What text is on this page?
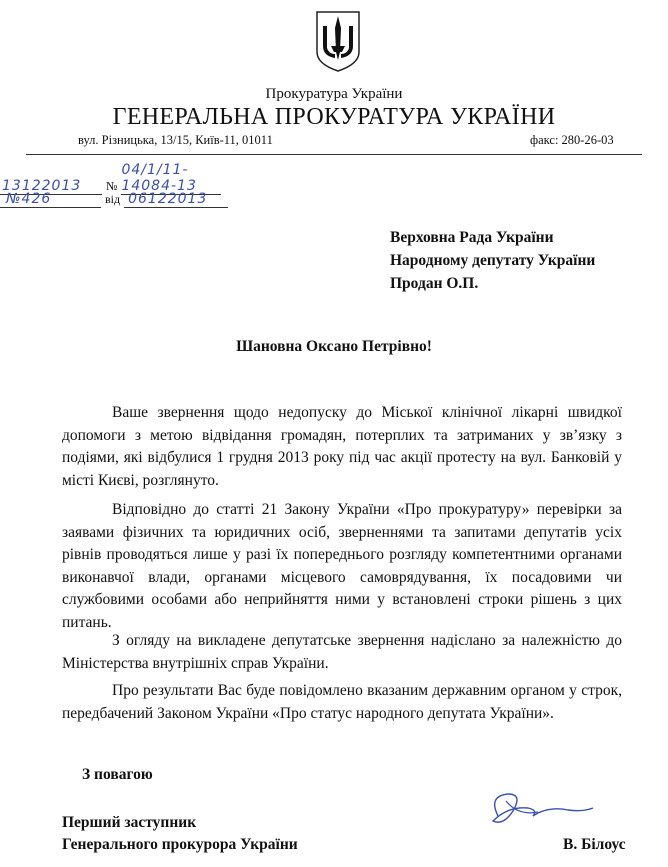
Прокуратура України
ГЕНЕРАЛЬНА ПРОКУРАТУРА УКРАЇНИ
вул. Різницька, 13/15, Київ-11, 01011	факс: 280-26-03
13122013 № 04/1/11-14084-13
№426	від 06122013
Верховна Рада України
Народному депутату України
Продан О.П.
Шановна Оксано Петрівно!

Ваше звернення щодо недопуску до Міської клінічної лікарні швидкої допомоги з метою відвідання громадян, потерплих та затриманих у зв’язку з подіями, які відбулися 1 грудня 2013 року під час акції протесту на вул. Банковій у місті Києві, розглянуто.

Відповідно до статті 21 Закону України «Про прокуратуру» перевірки за заявами фізичних та юридичних осіб, зверненнями та запитами депутатів усіх рівнів проводяться лише у разі їх попереднього розгляду компетентними органами виконавчої влади, органами місцевого самоврядування, їх посадовими чи службовими особами або неприйняття ними у встановлені строки рішень з цих питань.

З огляду на викладене депутатське звернення надіслано за належністю до Міністерства внутрішніх справ України.

Про результати Вас буде повідомлено вказаним державним органом у строк, передбачений Законом України «Про статус народного депутата України».

З повагою
Перший заступник
Генерального прокурора України	В. Білоус
